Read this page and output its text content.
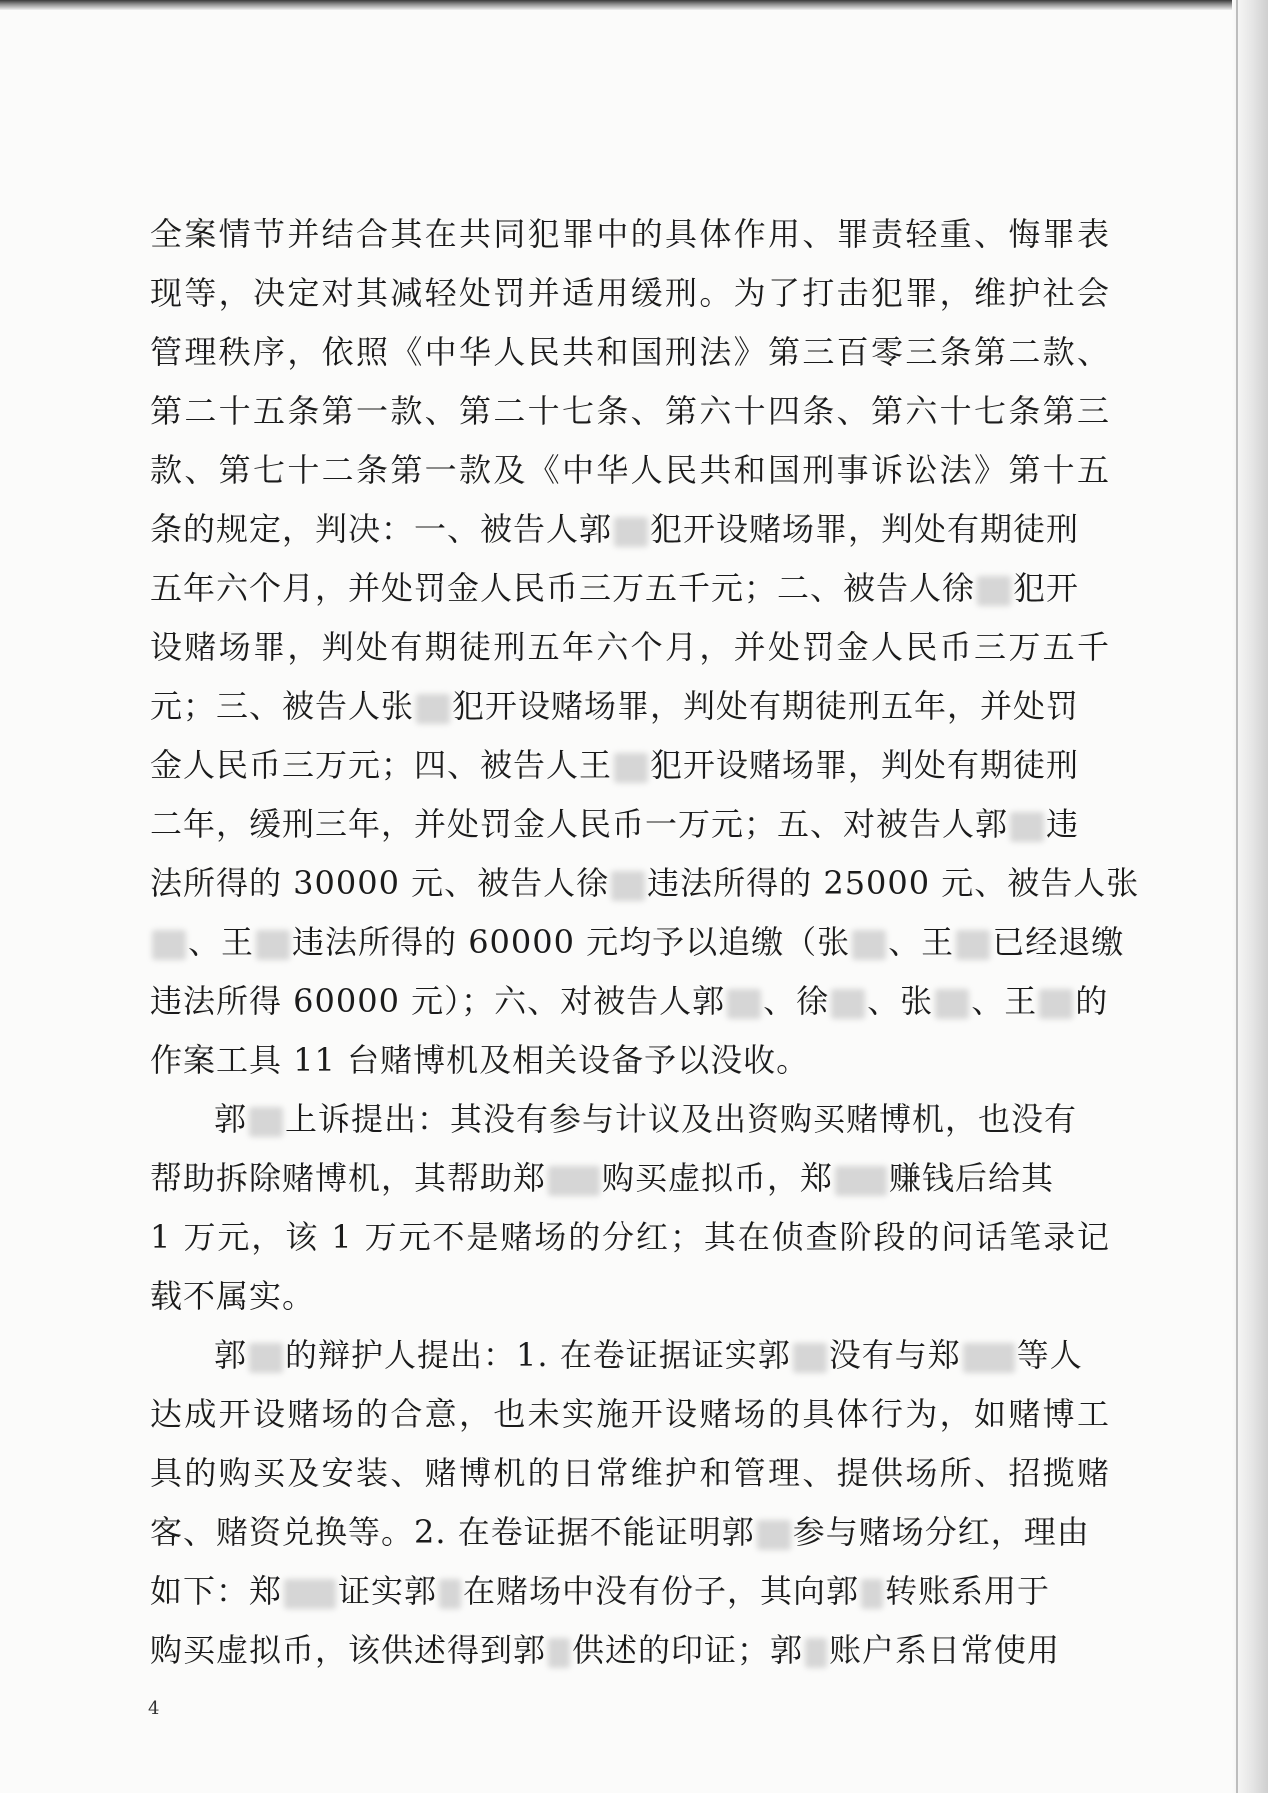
全案情节并结合其在共同犯罪中的具体作用、罪责轻重、悔罪表
现等，决定对其减轻处罚并适用缓刑。为了打击犯罪，维护社会
管理秩序，依照《中华人民共和国刑法》第三百零三条第二款、
第二十五条第一款、第二十七条、第六十四条、第六十七条第三
款、第七十二条第一款及《中华人民共和国刑事诉讼法》第十五
条的规定，判决：一、被告人郭 犯开设赌场罪，判处有期徒刑
五年六个月，并处罚金人民币三万五千元；二、被告人徐 犯开
设赌场罪，判处有期徒刑五年六个月，并处罚金人民币三万五千
元；三、被告人张 犯开设赌场罪，判处有期徒刑五年，并处罚
金人民币三万元；四、被告人王 犯开设赌场罪，判处有期徒刑
二年，缓刑三年，并处罚金人民币一万元；五、对被告人郭 违
法所得的 30000 元、被告人徐 违法所得的 25000 元、被告人张
、王 违法所得的 60000 元均予以追缴（张 、王 已经退缴
违法所得 60000 元）；六、对被告人郭 、徐 、张 、王 的
作案工具 11 台赌博机及相关设备予以没收。
郭 上诉提出：其没有参与计议及出资购买赌博机，也没有
帮助拆除赌博机，其帮助郑 购买虚拟币，郑 赚钱后给其
1 万元，该 1 万元不是赌场的分红；其在侦查阶段的问话笔录记
载不属实。
郭 的辩护人提出：1. 在卷证据证实郭 没有与郑 等人
达成开设赌场的合意，也未实施开设赌场的具体行为，如赌博工
具的购买及安装、赌博机的日常维护和管理、提供场所、招揽赌
客、赌资兑换等。2. 在卷证据不能证明郭 参与赌场分红，理由
如下：郑 证实郭 在赌场中没有份子，其向郭 转账系用于
购买虚拟币，该供述得到郭 供述的印证；郭 账户系日常使用
4
